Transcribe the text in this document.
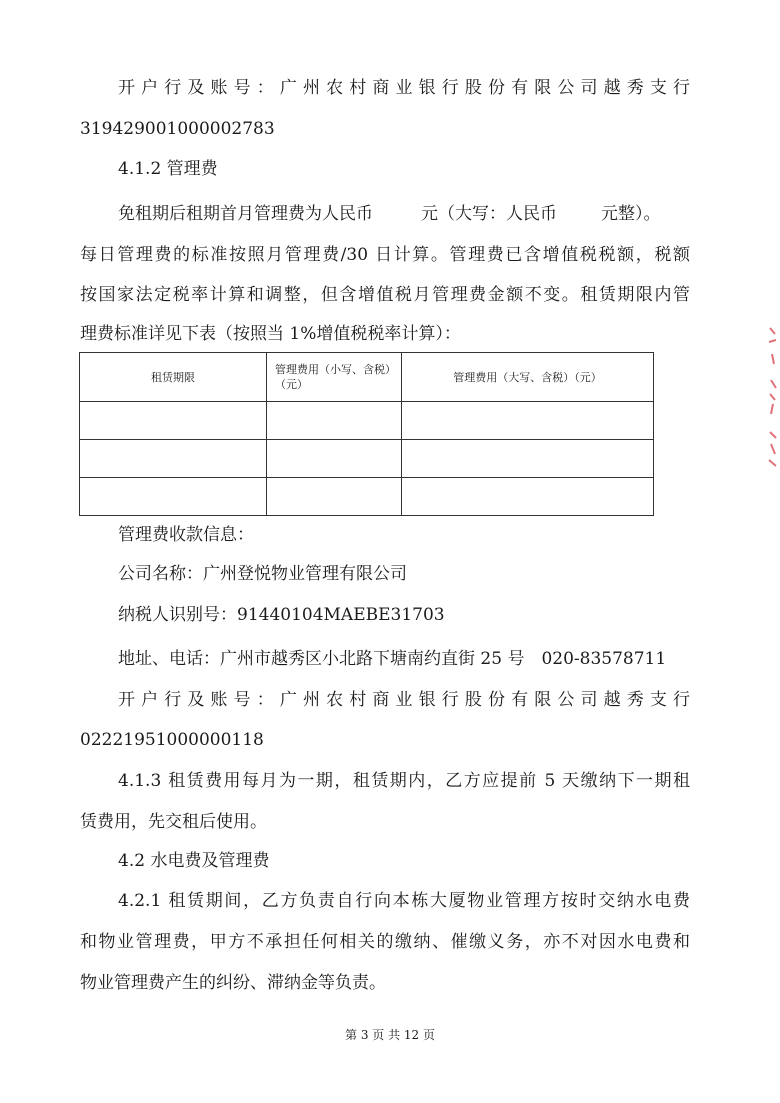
开户行及账号：广州农村商业银行股份有限公司越秀支行
319429001000002783
4.1.2 管理费
免租期后租期首月管理费为人民币	元（大写：人民币	元整）。
每日管理费的标准按照月管理费/30 日计算。管理费已含增值税税额，税额
按国家法定税率计算和调整，但含增值税月管理费金额不变。租赁期限内管
理费标准详见下表（按照当 1%增值税税率计算）：
租赁期限	管理费用（小写、含税）（元）	管理费用（大写、含税）（元）

管理费收款信息：
公司名称：广州登悦物业管理有限公司
纳税人识别号：91440104MAEBE31703
地址、电话：广州市越秀区小北路下塘南约直街 25 号　020-83578711
开户行及账号：广州农村商业银行股份有限公司越秀支行
02221951000000118
4.1.3 租赁费用每月为一期，租赁期内，乙方应提前 5 天缴纳下一期租
赁费用，先交租后使用。
4.2 水电费及管理费
4.2.1 租赁期间，乙方负责自行向本栋大厦物业管理方按时交纳水电费
和物业管理费，甲方不承担任何相关的缴纳、催缴义务，亦不对因水电费和
物业管理费产生的纠纷、滞纳金等负责。
第 3 页 共 12 页
